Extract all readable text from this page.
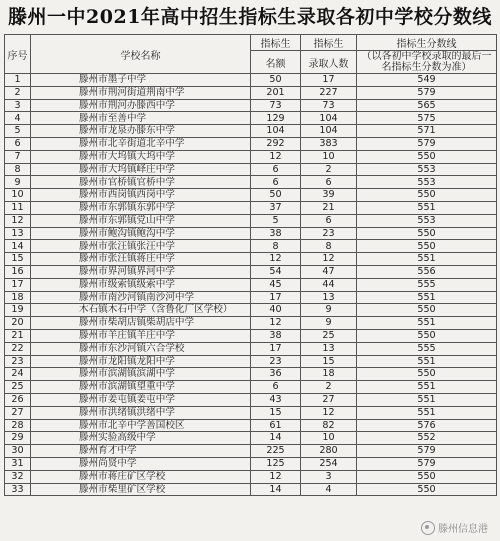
滕州一中2021年高中招生指标生录取各初中学校分数线
序号	学校名称	指标生	指标生	指标生分数线
		名额	录取人数	（以各初中学校录取的最后一名指标生分数为准）
1	滕州市墨子中学	50	17	549
2	滕州市荆河街道荆南中学	201	227	579
3	滕州市荆河办滕西中学	73	73	565
4	滕州市至善中学	129	104	575
5	滕州市龙泉办滕东中学	104	104	571
6	滕州市北辛街道北辛中学	292	383	579
7	滕州市大坞镇大坞中学	12	10	550
8	滕州市大坞镇峄庄中学	6	2	553
9	滕州市官桥镇官桥中学	6	6	553
10	滕州市西岗镇西岗中学	50	39	550
11	滕州市东郭镇东郭中学	37	21	551
12	滕州市东郭镇党山中学	5	6	553
13	滕州市鲍沟镇鲍沟中学	38	23	550
14	滕州市张汪镇张汪中学	8	8	550
15	滕州市张汪镇蒋庄中学	12	12	551
16	滕州市界河镇界河中学	54	47	556
17	滕州市级索镇级索中学	45	44	555
18	滕州市南沙河镇南沙河中学	17	13	551
19	木石镇木石中学（含鲁化厂区学校）	40	9	550
20	滕州市柴胡店镇柴胡店中学	12	9	551
21	滕州市羊庄镇羊庄中学	38	25	550
22	滕州市东沙河镇六合学校	17	13	555
23	滕州市龙阳镇龙阳中学	23	15	551
24	滕州市滨湖镇滨湖中学	36	18	550
25	滕州市滨湖镇望重中学	6	2	551
26	滕州市姜屯镇姜屯中学	43	27	551
27	滕州市洪绪镇洪绪中学	15	12	551
28	滕州市北辛中学善国校区	61	82	576
29	滕州实验高级中学	14	10	552
30	滕州育才中学	225	280	579
31	滕州尚贤中学	125	254	579
32	滕州市蒋庄矿区学校	12	3	550
33	滕州市柴里矿区学校	14	4	550
滕州信息港
